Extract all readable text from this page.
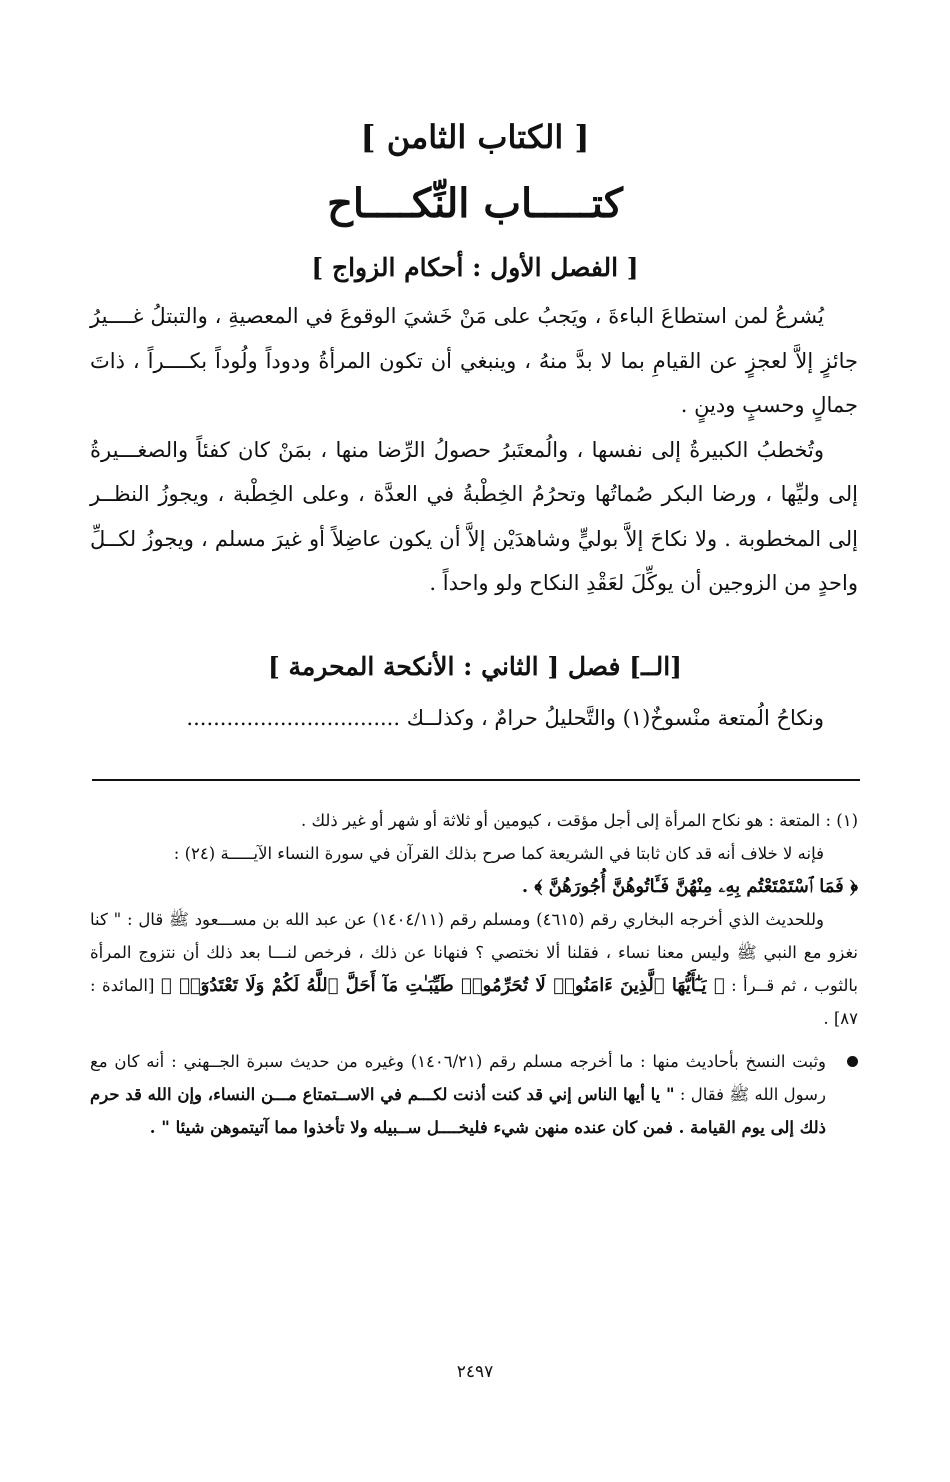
[ الكتاب الثامن ]
كتـــــاب النِّكــــاح
[ الفصل الأول : أحكام الزواج ]

يُشرعُ لمن استطاعَ الباءةَ ، ويَجبُ على مَنْ خَشيَ الوقوعَ في المعصيةِ ، والتبتلُ غــــيرُ جائزٍ إلاَّ لعجزٍ عن القيامِ بما لا بدَّ منهُ ، وينبغي أن تكون المرأةُ ودوداً ولُوداً بكــــراً ، ذاتَ جمالٍ وحسبٍ ودينٍ .

وتُخطبُ الكبيرةُ إلى نفسها ، والُمعتَبرُ حصولُ الرِّضا منها ، بمَنْ كان كفئاً والصغـــيرةُ إلى وليِّها ، ورضا البكر صُماتُها وتحرُمُ الخِطْبةُ في العدَّة ، وعلى الخِطْبة ، ويجوزُ النظــر إلى المخطوبة . ولا نكاحَ إلاَّ بوليٍّ وشاهدَيْن إلاَّ أن يكون عاضِلاً أو غيرَ مسلم ، ويجوزُ لكــلِّ واحدٍ من الزوجين أن يوكِّلَ لعَقْدِ النكاح ولو واحداً .

[الــ] فصل [ الثاني : الأنكحة المحرمة ]

ونكاحُ الُمتعة منْسوخٌ(١) والتَّحليلُ حرامٌ ، وكذلــك ................................

(١) : المتعة : هو نكاح المرأة إلى أجل مؤقت ، كيومين أو ثلاثة أو شهر أو غير ذلك .

فإنه لا خلاف أنه قد كان ثابتا في الشريعة كما صرح بذلك القرآن في سورة النساء الآيـــــة (٢٤) :

﴿ فَمَا ٱسْتَمْتَعْتُم بِهِۦ مِنْهُنَّ فَـَٔاتُوهُنَّ أُجُورَهُنَّ ﴾ .

وللحديث الذي أخرجه البخاري رقم (٤٦١٥) ومسلم رقم (١٤٠٤/١١) عن عبد الله بن مســـعود ﷺ قال : " كنا نغزو مع النبي ﷺ وليس معنا نساء ، فقلنا ألا نختصي ؟ فنهانا عن ذلك ، فرخص لنـــا بعد ذلك أن نتزوج المرأة بالثوب ، ثم قــرأ : ﴿ يَـٰٓأَيُّهَا ٱلَّذِينَ ءَامَنُوا۟ لَا تُحَرِّمُوا۟ طَيِّبَـٰتِ مَآ أَحَلَّ ٱللَّهُ لَكُمْ وَلَا تَعْتَدُوٓا۟ ﴾ [المائدة : ٨٧] .

وثبت النسخ بأحاديث منها : ما أخرجه مسلم رقم (١٤٠٦/٢١) وغيره من حديث سبرة الجــهني : أنه كان مع رسول الله ﷺ فقال : " يا أيها الناس إني قد كنت أذنت لكـــم في الاســتمتاع مـــن النساء، وإن الله قد حرم ذلك إلى يوم القيامة . فمن كان عنده منهن شيء فليخــــل ســبيله ولا تأخذوا مما آتيتموهن شيئا " .

٢٤٩٧
